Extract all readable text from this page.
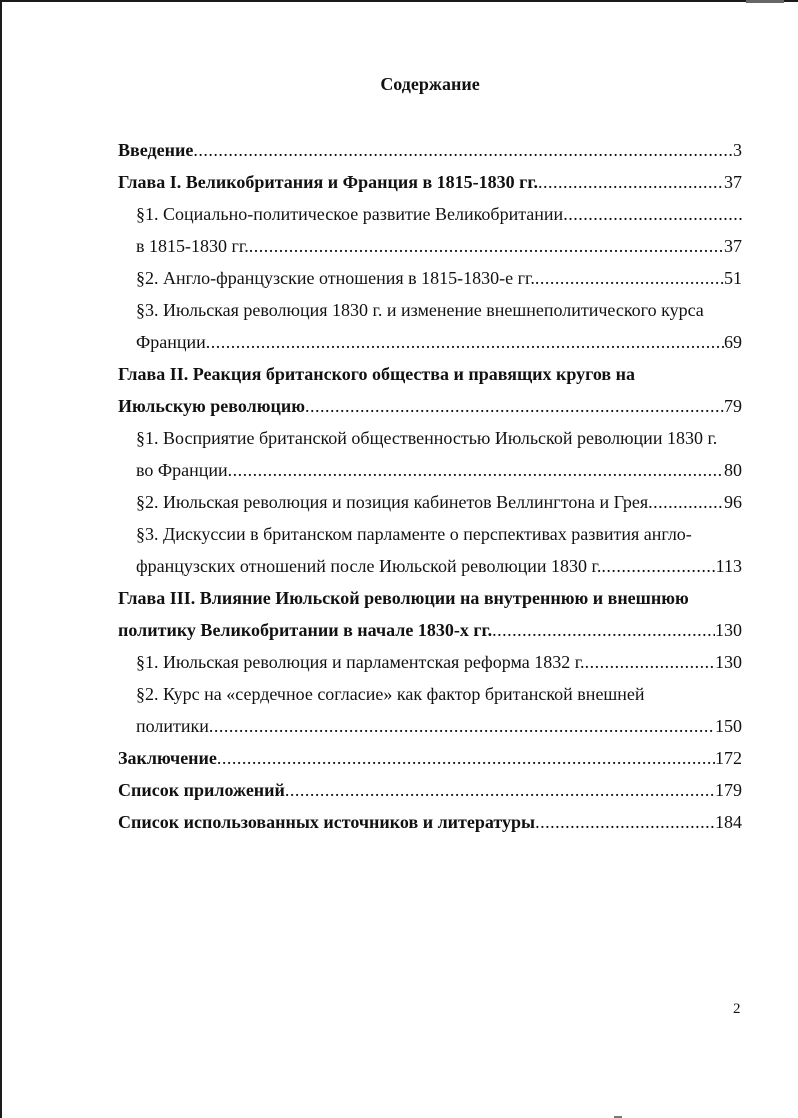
Содержание
Введение .....	3
Глава I. Великобритания и Франция в 1815-1830 гг. .....	37
§1. Социально-политическое развитие Великобритании
.....
в 1815-1830 гг. .....	37
§2. Англо-французские отношения в 1815-1830-е гг. .....	51
§3. Июльская революция 1830 г. и изменение внешнеполитического курса
Франции .....	69
Глава II. Реакция британского общества и правящих кругов на
Июльскую революцию .....	79
§1. Восприятие британской общественностью Июльской революции 1830 г.
во Франции .....	80
§2. Июльская революция и позиция кабинетов Веллингтона и Грея .....	96
§3. Дискуссии в британском парламенте о перспективах развития англо-
французских отношений после Июльской революции 1830 г. .....	113
Глава III. Влияние Июльской революции на внутреннюю и внешнюю
политику Великобритании в начале 1830-х гг. .....	130
§1. Июльская революция и парламентская реформа 1832 г. .....	130
§2. Курс на «сердечное согласие» как фактор британской внешней
политики .....	150
Заключение .....	172
Список приложений .....	179
Список использованных источников и литературы .....	184
2
